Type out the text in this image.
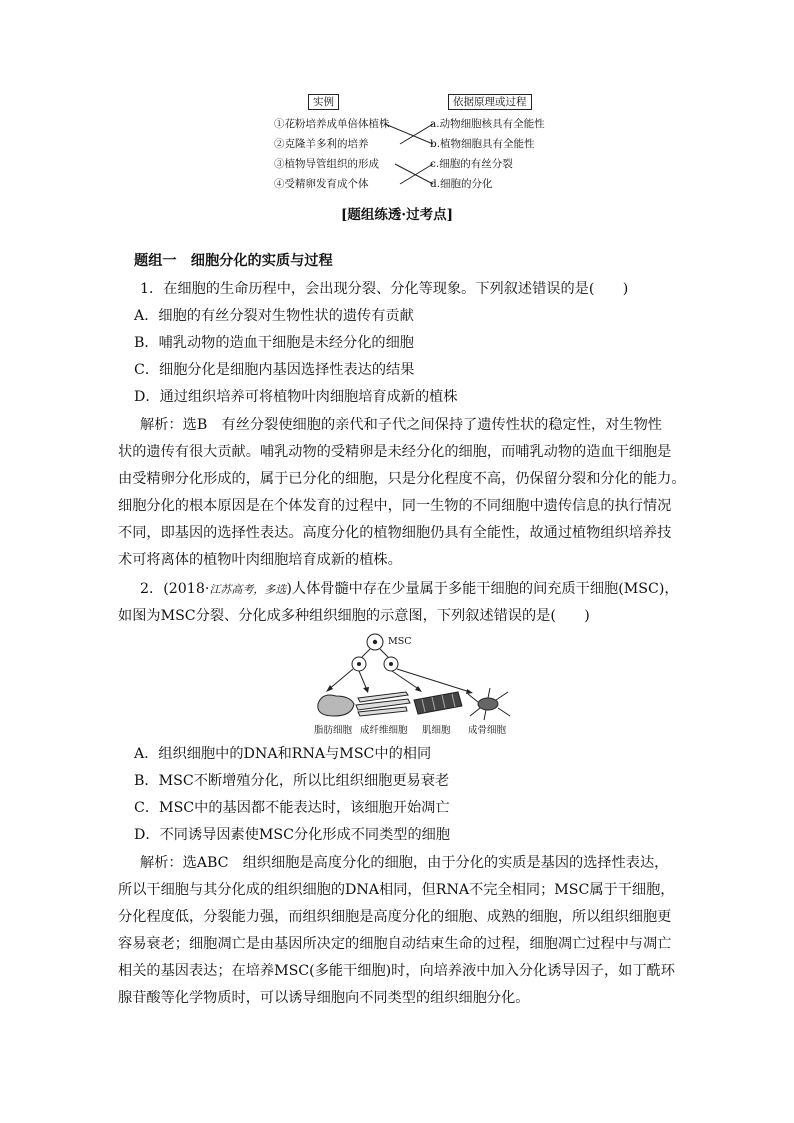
实例	依据原理或过程
①花粉培养成单倍体植株
②克隆羊多利的培养
③植物导管组织的形成
④受精卵发育成个体
a.动物细胞核具有全能性
b.植物细胞具有全能性
c.细胞的有丝分裂
d.细胞的分化
[题组练透·过考点]
题组一　细胞分化的实质与过程
1．在细胞的生命历程中，会出现分裂、分化等现象。下列叙述错误的是(　　)
A．细胞的有丝分裂对生物性状的遗传有贡献
B．哺乳动物的造血干细胞是未经分化的细胞
C．细胞分化是细胞内基因选择性表达的结果
D．通过组织培养可将植物叶肉细胞培育成新的植株
解析：选B　有丝分裂使细胞的亲代和子代之间保持了遗传性状的稳定性，对生物性
状的遗传有很大贡献。哺乳动物的受精卵是未经分化的细胞，而哺乳动物的造血干细胞是
由受精卵分化形成的，属于已分化的细胞，只是分化程度不高，仍保留分裂和分化的能力。
细胞分化的根本原因是在个体发育的过程中，同一生物的不同细胞中遗传信息的执行情况
不同，即基因的选择性表达。高度分化的植物细胞仍具有全能性，故通过植物组织培养技
术可将离体的植物叶肉细胞培育成新的植株。
2．(2018·江苏高考，多选)人体骨髓中存在少量属于多能干细胞的间充质干细胞(MSC)，
如图为MSC分裂、分化成多种组织细胞的示意图，下列叙述错误的是(　　)
MSC
脂肪细胞 成纤维细胞 肌细胞 成骨细胞
A．组织细胞中的DNA和RNA与MSC中的相同
B．MSC不断增殖分化，所以比组织细胞更易衰老
C．MSC中的基因都不能表达时，该细胞开始凋亡
D．不同诱导因素使MSC分化形成不同类型的细胞
解析：选ABC　组织细胞是高度分化的细胞，由于分化的实质是基因的选择性表达，
所以干细胞与其分化成的组织细胞的DNA相同，但RNA不完全相同；MSC属于干细胞，
分化程度低，分裂能力强，而组织细胞是高度分化的细胞、成熟的细胞，所以组织细胞更
容易衰老；细胞凋亡是由基因所决定的细胞自动结束生命的过程，细胞凋亡过程中与凋亡
相关的基因表达；在培养MSC(多能干细胞)时，向培养液中加入分化诱导因子，如丁酰环
腺苷酸等化学物质时，可以诱导细胞向不同类型的组织细胞分化。
